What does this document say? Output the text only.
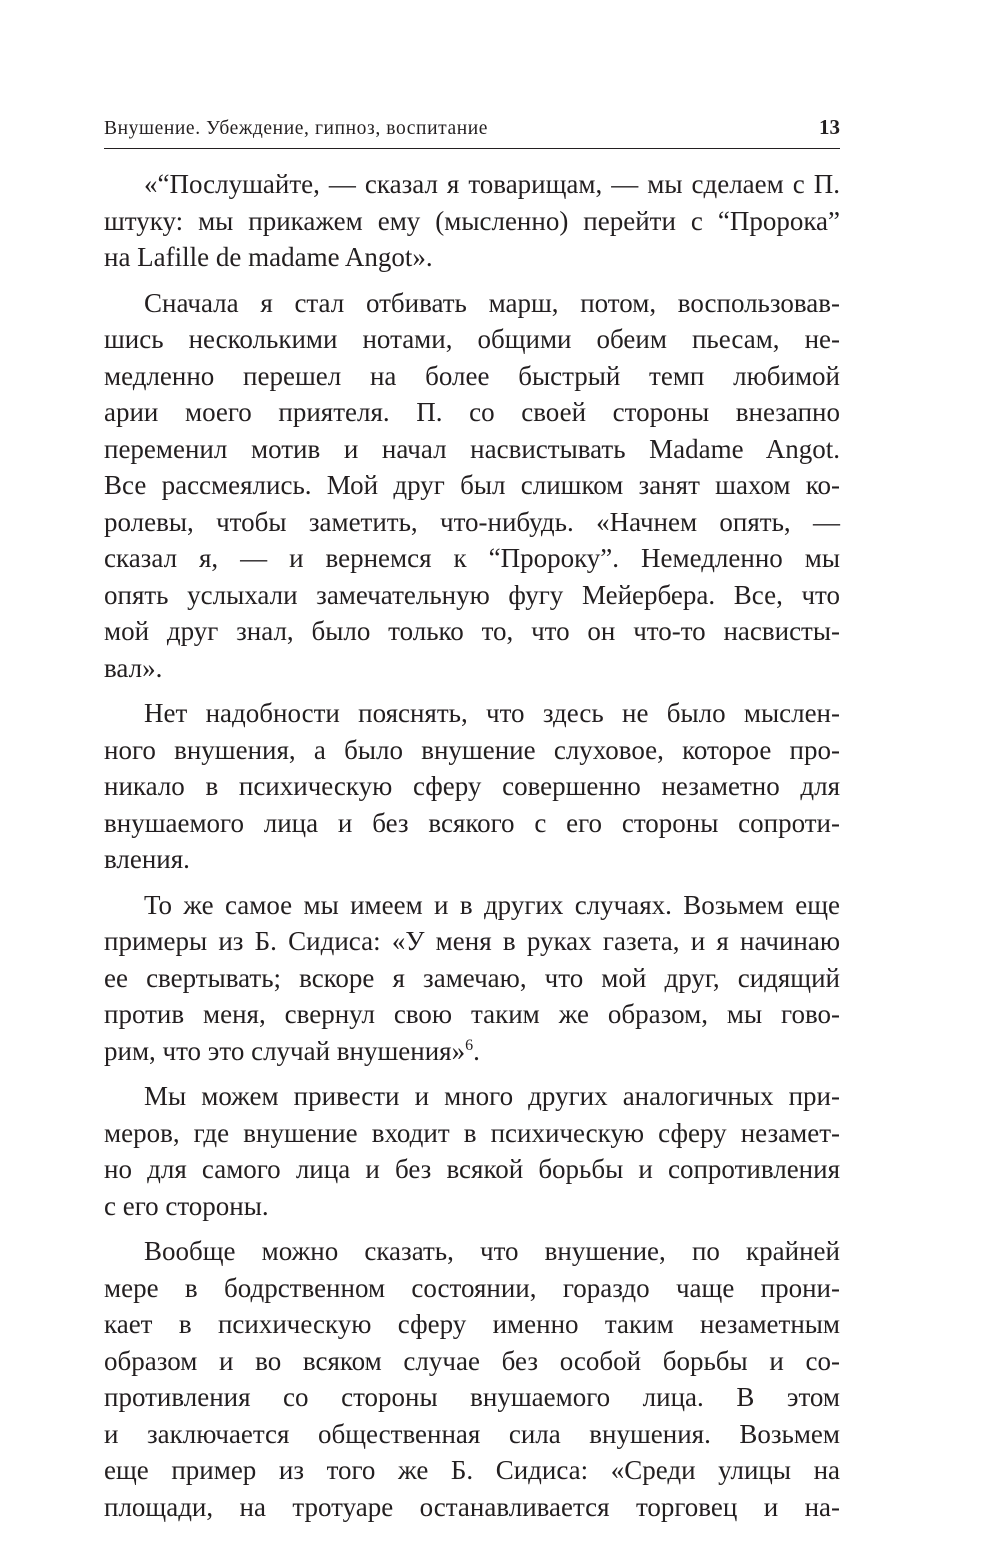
Внушение. Убеждение, гипноз, воспитание	13
«“Послушайте, — сказал я товарищам, — мы сделаем с П.
штуку: мы прикажем ему (мысленно) перейти с “Пророка”
на Lafille de madame Angot».
Сначала я стал отбивать марш, потом, воспользовав-
шись несколькими нотами, общими обеим пьесам, не-
медленно перешел на более быстрый темп любимой
арии моего приятеля. П. со своей стороны внезапно
переменил мотив и начал насвистывать Madame Angot.
Все рассмеялись. Мой друг был слишком занят шахом ко-
ролевы, чтобы заметить, что-нибудь. «Начнем опять, —
сказал я, — и вернемся к “Пророку”. Немедленно мы
опять услыхали замечательную фугу Мейербера. Все, что
мой друг знал, было только то, что он что-то насвисты-
вал».
Нет надобности пояснять, что здесь не было мыслен-
ного внушения, а было внушение слуховое, которое про-
никало в психическую сферу совершенно незаметно для
внушаемого лица и без всякого с его стороны сопроти-
вления.
То же самое мы имеем и в других случаях. Возьмем еще
примеры из Б. Сидиса: «У меня в руках газета, и я начинаю
ее свертывать; вскоре я замечаю, что мой друг, сидящий
против меня, свернул свою таким же образом, мы гово-
рим, что это случай внушения»$^6$.
Мы можем привести и много других аналогичных при-
меров, где внушение входит в психическую сферу незамет-
но для самого лица и без всякой борьбы и сопротивления
с его стороны.
Вообще можно сказать, что внушение, по крайней
мере в бодрственном состоянии, гораздо чаще прони-
кает в психическую сферу именно таким незаметным
образом и во всяком случае без особой борьбы и со-
противления со стороны внушаемого лица. В этом
и заключается общественная сила внушения. Возьмем
еще пример из того же Б. Сидиса: «Среди улицы на
площади, на тротуаре останавливается торговец и на-
